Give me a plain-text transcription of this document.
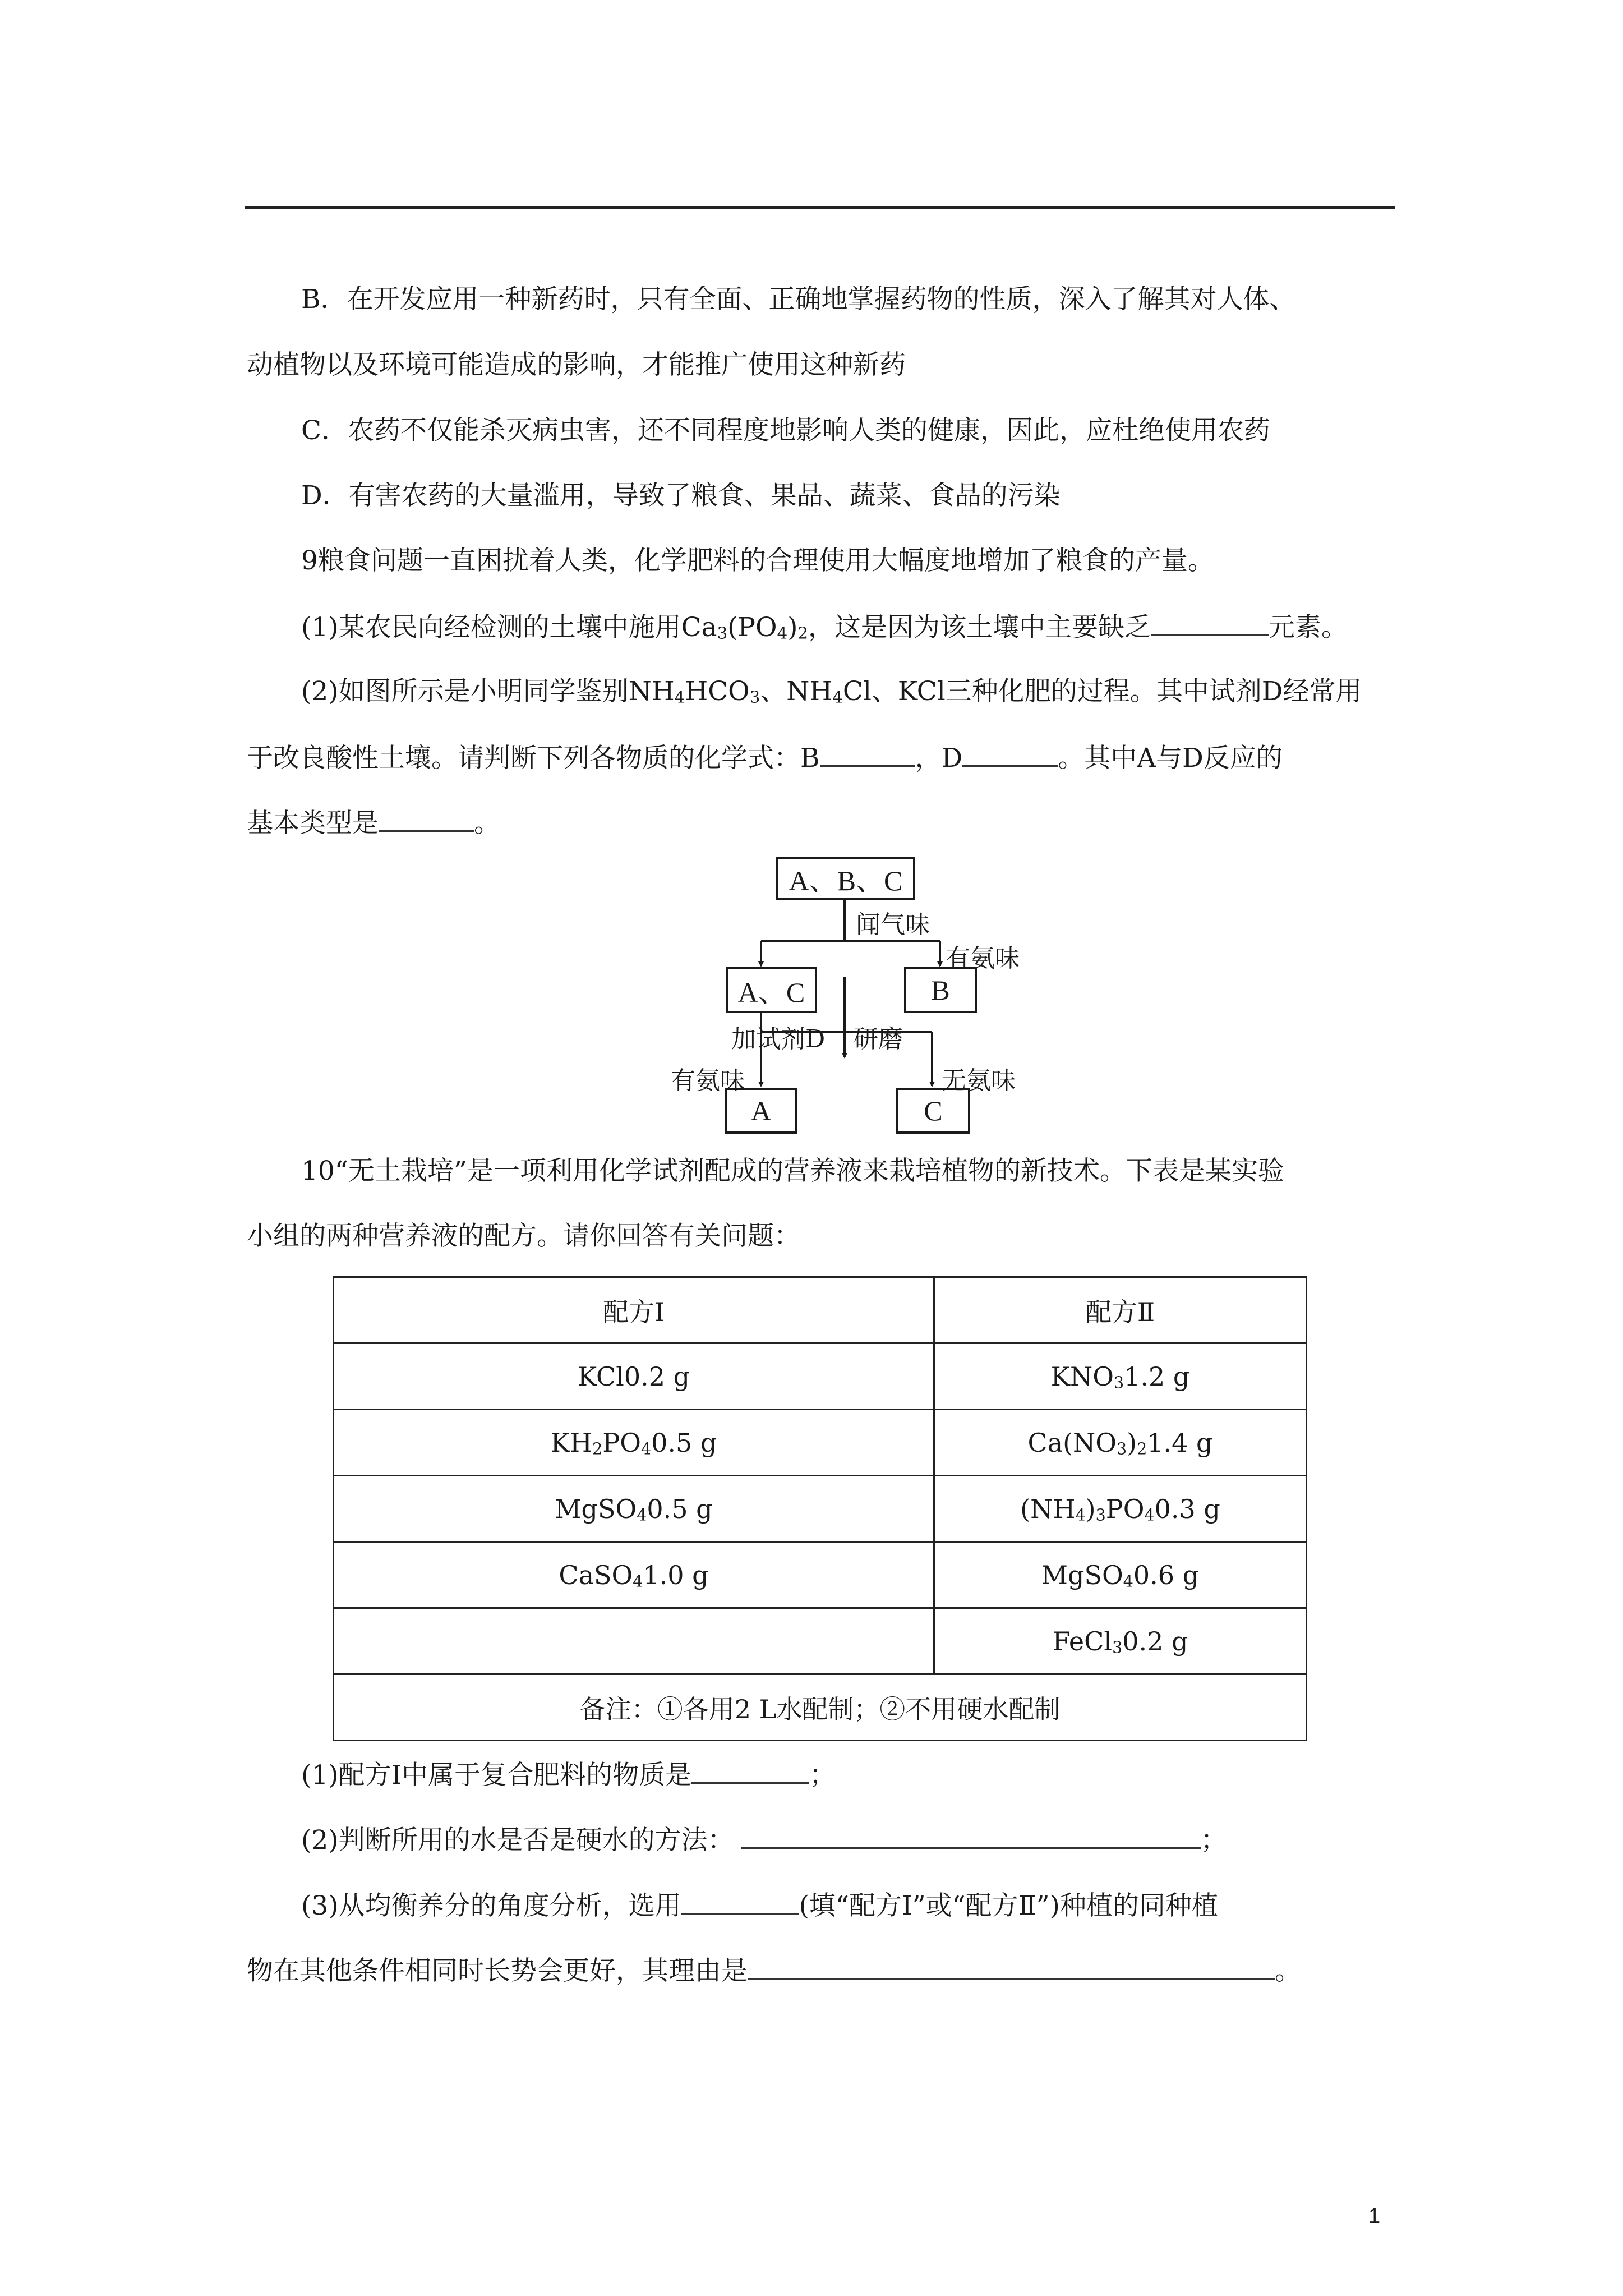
B．在开发应用一种新药时，只有全面、正确地掌握药物的性质，深入了解其对人体、
动植物以及环境可能造成的影响，才能推广使用这种新药
C．农药不仅能杀灭病虫害，还不同程度地影响人类的健康，因此，应杜绝使用农药
D．有害农药的大量滥用，导致了粮食、果品、蔬菜、食品的污染
9粮食问题一直困扰着人类，化学肥料的合理使用大幅度地增加了粮食的产量。
(1)某农民向经检测的土壤中施用$Ca_3(PO_4)_2$，这是因为该土壤中主要缺乏	元素。
(2)如图所示是小明同学鉴别$NH_4HCO_3$、$NH_4Cl$、KCl三种化肥的过程。其中试剂D经常用
于改良酸性土壤。请判断下列各物质的化学式：B	，D	。其中A与D反应的
基本类型是	。
A、B、C
闻气味
有氨味
A、C	B
加试剂D 研磨
有氨味	无氨味
A	C
10“无土栽培”是一项利用化学试剂配成的营养液来栽培植物的新技术。下表是某实验
小组的两种营养液的配方。请你回答有关问题：
配方Ⅰ	配方Ⅱ
KCl0.2 g	$KNO_31.2$ g
$KH_2PO_40.5$ g	$Ca(NO_3)_21.4$ g
MgSO$_4$0.5 g	$(NH_4)_3PO_40.3$ g
CaSO$_4$1.0 g	MgSO$_4$0.6 g
	FeCl$_3$0.2 g
备注：①各用2 L水配制；②不用硬水配制	
(1)配方Ⅰ中属于复合肥料的物质是	；
(2)判断所用的水是否是硬水的方法：	；
(3)从均衡养分的角度分析，选用	(填“配方Ⅰ”或“配方Ⅱ”)种植的同种植
物在其他条件相同时长势会更好，其理由是	。
1
